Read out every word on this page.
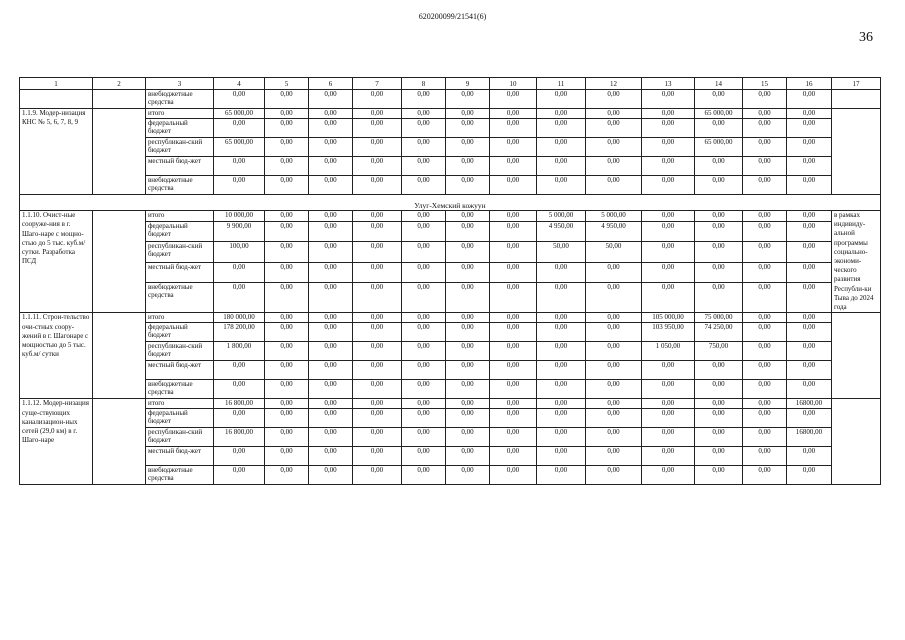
620200099/21541(6)
36
1	2	3	4	5	6	7	8	9	10	11	12	13	14	15	16	17
		внебюджетные средства	0,00	0,00	0,00	0,00	0,00	0,00	0,00	0,00	0,00	0,00	0,00	0,00	0,00	
1.1.9. Модер-низация КНС № 5, 6, 7, 8, 9		итого	65 000,00	0,00	0,00	0,00	0,00	0,00	0,00	0,00	0,00	0,00	65 000,00	0,00	0,00	
		федеральный бюджет	0,00	0,00	0,00	0,00	0,00	0,00	0,00	0,00	0,00	0,00	0,00	0,00	0,00	
		республикан-ский бюджет	65 000,00	0,00	0,00	0,00	0,00	0,00	0,00	0,00	0,00	0,00	65 000,00	0,00	0,00	
		местный бюд-жет	0,00	0,00	0,00	0,00	0,00	0,00	0,00	0,00	0,00	0,00	0,00	0,00	0,00	
		внебюджетные средства	0,00	0,00	0,00	0,00	0,00	0,00	0,00	0,00	0,00	0,00	0,00	0,00	0,00	
Улуг-Хемский кожуун																
1.1.10. Очист-ные сооруже-ния в г. Шаго-наре с мощно-стью до 5 тыс. куб.м/сутки. Разработка ПСД		итого	10 000,00	0,00	0,00	0,00	0,00	0,00	0,00	5 000,00	5 000,00	0,00	0,00	0,00	0,00	в рамках индивиду-альной программы социально-экономи-ческого развития Республи-ки Тыва до 2024 года
		федеральный бюджет	9 900,00	0,00	0,00	0,00	0,00	0,00	0,00	4 950,00	4 950,00	0,00	0,00	0,00	0,00	
		республикан-ский бюджет	100,00	0,00	0,00	0,00	0,00	0,00	0,00	50,00	50,00	0,00	0,00	0,00	0,00	
		местный бюд-жет	0,00	0,00	0,00	0,00	0,00	0,00	0,00	0,00	0,00	0,00	0,00	0,00	0,00	
		внебюджетные средства	0,00	0,00	0,00	0,00	0,00	0,00	0,00	0,00	0,00	0,00	0,00	0,00	0,00	
1.1.11. Строи-тельство очи-стных соору-жений в г. Шагонаре с мощностью до 5 тыс. куб.м/ сутки		итого	180 000,00	0,00	0,00	0,00	0,00	0,00	0,00	0,00	0,00	105 000,00	75 000,00	0,00	0,00	
		федеральный бюджет	178 200,00	0,00	0,00	0,00	0,00	0,00	0,00	0,00	0,00	103 950,00	74 250,00	0,00	0,00	
		республикан-ский бюджет	1 800,00	0,00	0,00	0,00	0,00	0,00	0,00	0,00	0,00	1 050,00	750,00	0,00	0,00	
		местный бюд-жет	0,00	0,00	0,00	0,00	0,00	0,00	0,00	0,00	0,00	0,00	0,00	0,00	0,00	
		внебюджетные средства	0,00	0,00	0,00	0,00	0,00	0,00	0,00	0,00	0,00	0,00	0,00	0,00	0,00	
1.1.12. Модер-низация суще-ствующих канализацион-ных сетей (29,0 км) в г. Шаго-наре		итого	16 800,00	0,00	0,00	0,00	0,00	0,00	0,00	0,00	0,00	0,00	0,00	0,00	16800,00	
		федеральный бюджет	0,00	0,00	0,00	0,00	0,00	0,00	0,00	0,00	0,00	0,00	0,00	0,00	0,00	
		республикан-ский бюджет	16 800,00	0,00	0,00	0,00	0,00	0,00	0,00	0,00	0,00	0,00	0,00	0,00	16800,00	
		местный бюд-жет	0,00	0,00	0,00	0,00	0,00	0,00	0,00	0,00	0,00	0,00	0,00	0,00	0,00	
		внебюджетные средства	0,00	0,00	0,00	0,00	0,00	0,00	0,00	0,00	0,00	0,00	0,00	0,00	0,00	
